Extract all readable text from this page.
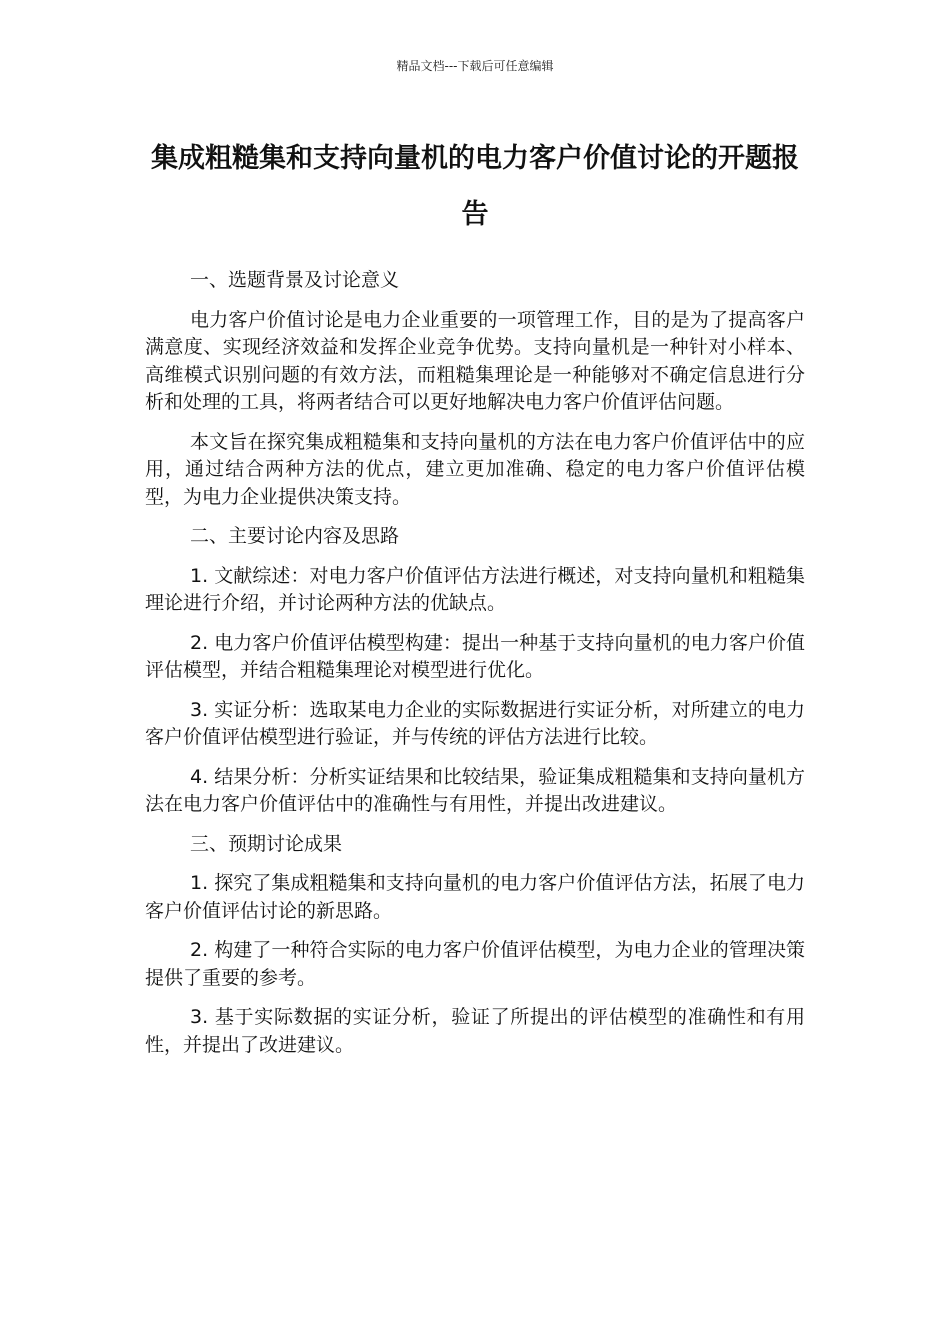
精品文档---下载后可任意编辑
集成粗糙集和支持向量机的电力客户价值讨论的开题报告

一、选题背景及讨论意义

电力客户价值讨论是电力企业重要的一项管理工作，目的是为了提高客户满意度、实现经济效益和发挥企业竞争优势。支持向量机是一种针对小样本、高维模式识别问题的有效方法，而粗糙集理论是一种能够对不确定信息进行分析和处理的工具，将两者结合可以更好地解决电力客户价值评估问题。

本文旨在探究集成粗糙集和支持向量机的方法在电力客户价值评估中的应用，通过结合两种方法的优点，建立更加准确、稳定的电力客户价值评估模型，为电力企业提供决策支持。

二、主要讨论内容及思路

1. 文献综述：对电力客户价值评估方法进行概述，对支持向量机和粗糙集理论进行介绍，并讨论两种方法的优缺点。

2. 电力客户价值评估模型构建：提出一种基于支持向量机的电力客户价值评估模型，并结合粗糙集理论对模型进行优化。

3. 实证分析：选取某电力企业的实际数据进行实证分析，对所建立的电力客户价值评估模型进行验证，并与传统的评估方法进行比较。

4. 结果分析：分析实证结果和比较结果，验证集成粗糙集和支持向量机方法在电力客户价值评估中的准确性与有用性，并提出改进建议。

三、预期讨论成果

1. 探究了集成粗糙集和支持向量机的电力客户价值评估方法，拓展了电力客户价值评估讨论的新思路。

2. 构建了一种符合实际的电力客户价值评估模型，为电力企业的管理决策提供了重要的参考。

3. 基于实际数据的实证分析，验证了所提出的评估模型的准确性和有用性，并提出了改进建议。
